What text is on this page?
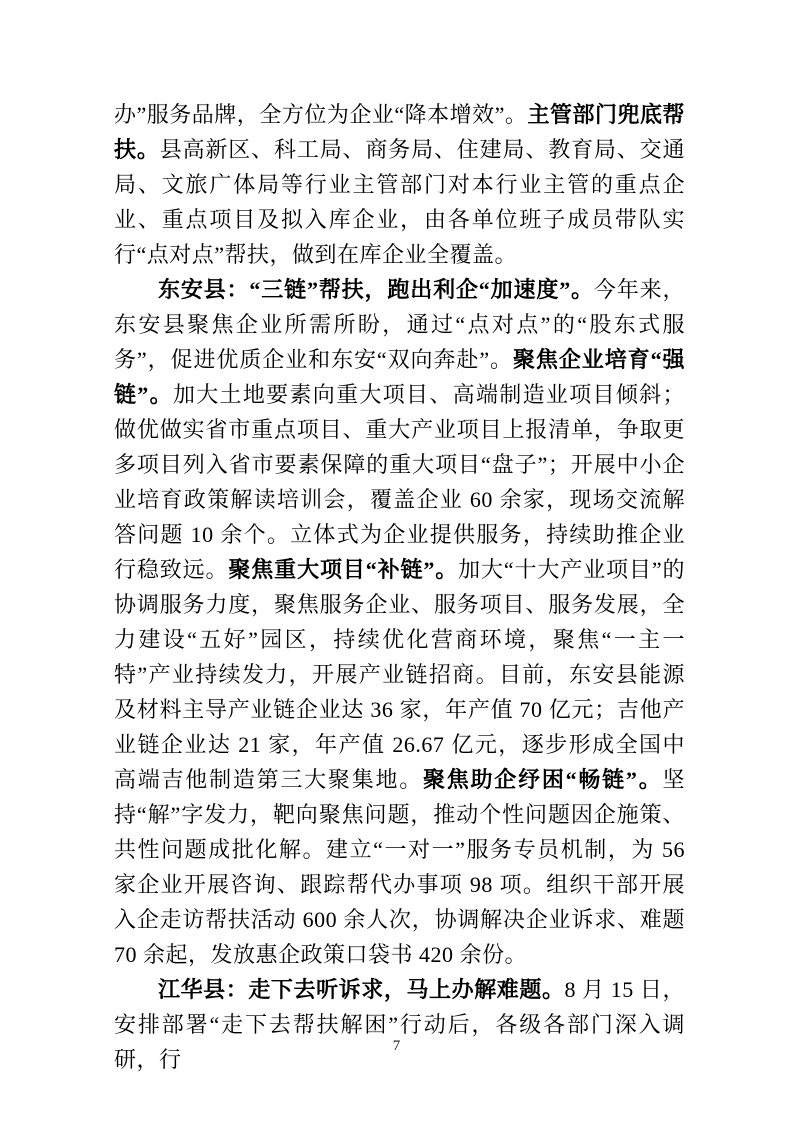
办”服务品牌，全方位为企业“降本增效”。主管部门兜底帮扶。县高新区、科工局、商务局、住建局、教育局、交通局、文旅广体局等行业主管部门对本行业主管的重点企业、重点项目及拟入库企业，由各单位班子成员带队实行“点对点”帮扶，做到在库企业全覆盖。

东安县：“三链”帮扶，跑出利企“加速度”。今年来，东安县聚焦企业所需所盼，通过“点对点”的“股东式服务”，促进优质企业和东安“双向奔赴”。聚焦企业培育“强链”。加大土地要素向重大项目、高端制造业项目倾斜；做优做实省市重点项目、重大产业项目上报清单，争取更多项目列入省市要素保障的重大项目“盘子”；开展中小企业培育政策解读培训会，覆盖企业 60 余家，现场交流解答问题 10 余个。立体式为企业提供服务，持续助推企业行稳致远。聚焦重大项目“补链”。加大“十大产业项目”的协调服务力度，聚焦服务企业、服务项目、服务发展，全力建设“五好”园区，持续优化营商环境，聚焦“一主一特”产业持续发力，开展产业链招商。目前，东安县能源及材料主导产业链企业达 36 家，年产值 70 亿元；吉他产业链企业达 21 家，年产值 26.67 亿元，逐步形成全国中高端吉他制造第三大聚集地。聚焦助企纾困“畅链”。坚持“解”字发力，靶向聚焦问题，推动个性问题因企施策、共性问题成批化解。建立“一对一”服务专员机制，为 56 家企业开展咨询、跟踪帮代办事项 98 项。组织干部开展入企走访帮扶活动 600 余人次，协调解决企业诉求、难题 70 余起，发放惠企政策口袋书 420 余份。

江华县：走下去听诉求，马上办解难题。8 月 15 日，安排部署“走下去帮扶解困”行动后，各级各部门深入调研，行

7
